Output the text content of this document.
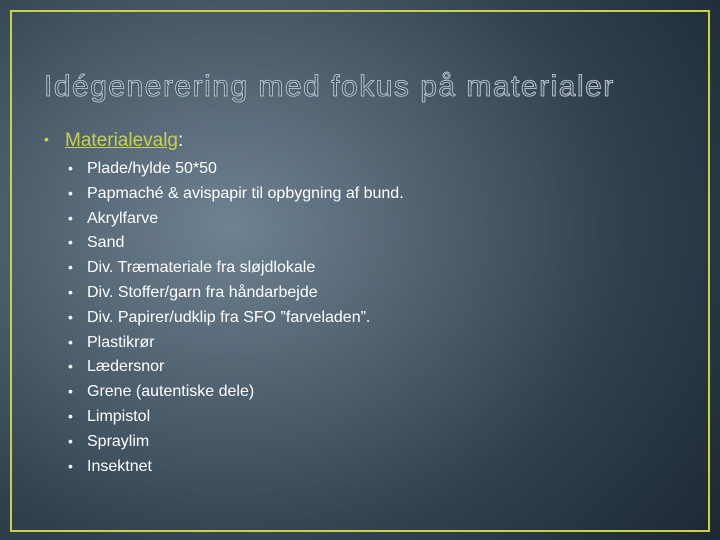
Idégenerering med fokus på materialer
• Materialevalg:
• Plade/hylde 50*50
• Papmaché & avispapir til opbygning af bund.
• Akrylfarve
• Sand
• Div. Træmateriale fra sløjdlokale
• Div. Stoffer/garn fra håndarbejde
• Div. Papirer/udklip fra SFO ”farveladen”.
• Plastikrør
• Lædersnor
• Grene (autentiske dele)
• Limpistol
• Spraylim
• Insektnet
